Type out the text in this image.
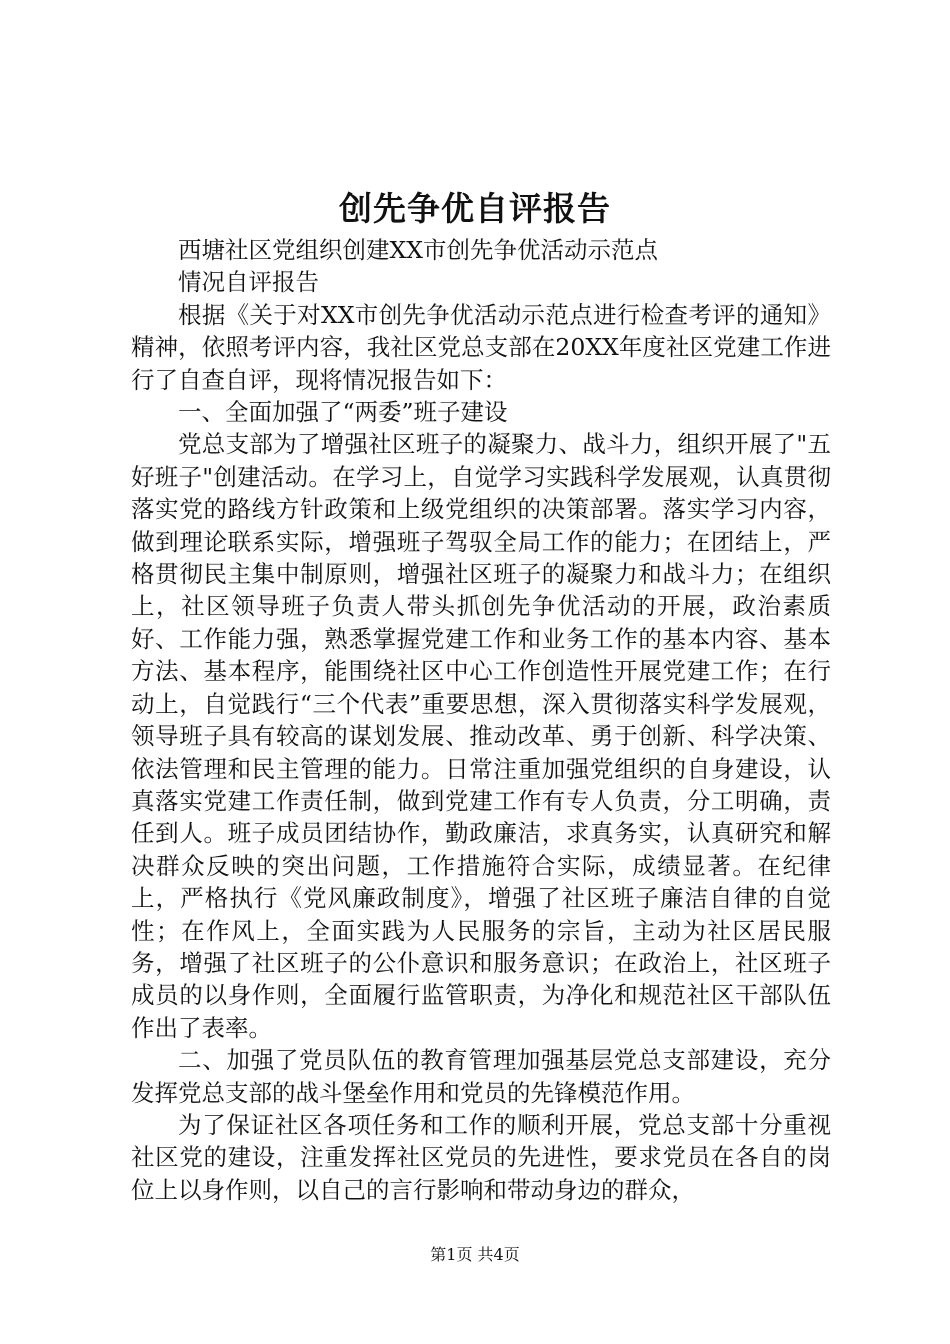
创先争优自评报告

西塘社区党组织创建XX市创先争优活动示范点

情况自评报告

根据《关于对XX市创先争优活动示范点进行检查考评的通知》精神，依照考评内容，我社区党总支部在20XX年度社区党建工作进行了自查自评，现将情况报告如下：

一、全面加强了“两委”班子建设

党总支部为了增强社区班子的凝聚力、战斗力，组织开展了"五好班子"创建活动。在学习上，自觉学习实践科学发展观，认真贯彻落实党的路线方针政策和上级党组织的决策部署。落实学习内容，做到理论联系实际，增强班子驾驭全局工作的能力；在团结上，严格贯彻民主集中制原则，增强社区班子的凝聚力和战斗力；在组织上，社区领导班子负责人带头抓创先争优活动的开展，政治素质好、工作能力强，熟悉掌握党建工作和业务工作的基本内容、基本方法、基本程序，能围绕社区中心工作创造性开展党建工作；在行动上，自觉践行“三个代表”重要思想，深入贯彻落实科学发展观，领导班子具有较高的谋划发展、推动改革、勇于创新、科学决策、依法管理和民主管理的能力。日常注重加强党组织的自身建设，认真落实党建工作责任制，做到党建工作有专人负责，分工明确，责任到人。班子成员团结协作，勤政廉洁，求真务实，认真研究和解决群众反映的突出问题，工作措施符合实际，成绩显著。在纪律上，严格执行《党风廉政制度》，增强了社区班子廉洁自律的自觉性；在作风上，全面实践为人民服务的宗旨，主动为社区居民服务，增强了社区班子的公仆意识和服务意识；在政治上，社区班子成员的以身作则，全面履行监管职责，为净化和规范社区干部队伍作出了表率。

二、加强了党员队伍的教育管理加强基层党总支部建设，充分发挥党总支部的战斗堡垒作用和党员的先锋模范作用。

为了保证社区各项任务和工作的顺利开展，党总支部十分重视社区党的建设，注重发挥社区党员的先进性，要求党员在各自的岗位上以身作则，以自己的言行影响和带动身边的群众，

第1页 共4页
